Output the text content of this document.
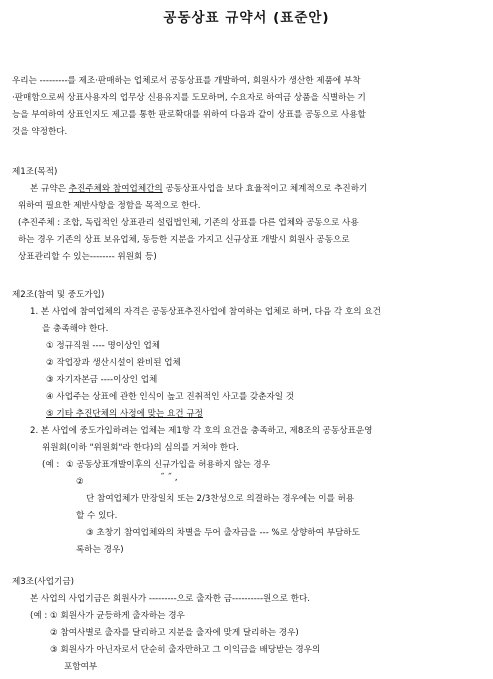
공동상표 규약서 (표준안)
우리는 ---------를 제조·판매하는 업체로서 공동상표를 개발하여, 회원사가 생산한 제품에 부착
·판매함으로써 상표사용자의 업무상 신용유지를 도모하며, 수요자로 하여금 상품을 식별하는 기
능을 부여하여 상표인지도 제고를 통한 판로확대를 위하여 다음과 같이 상표를 공동으로 사용할
것을 약정한다.
제1조(목적)
본 규약은 추진주체와 참여업체간의 공동상표사업을 보다 효율적이고 체계적으로 추진하기
위하여 필요한 제반사항을 정함을 목적으로 한다.
(추진주체 : 조합, 독립적인 상표관리 설립법인체, 기존의 상표를 다른 업체와 공동으로 사용
하는 경우 기존의 상표 보유업체, 동등한 지분을 가지고 신규상표 개발시 회원사 공동으로
상표관리할 수 있는-------- 위원회 등)
제2조(참여 및 중도가입)
1. 본 사업에 참여업체의 자격은 공동상표추진사업에 참여하는 업체로 하며, 다음 각 호의 요건
을 충족해야 한다.
① 정규직원 ---- 명이상인 업체
② 작업장과 생산시설이 완비된 업체
③ 자기자본금 ----이상인 업체
④ 사업주는 상표에 관한 인식이 높고 진취적인 사고를 갖춘자일 것
⑤ 기타 추진단체의 사정에 맞는 요건 규정
2. 본 사업에 중도가입하려는 업체는 제1항 각 호의 요건을 충족하고, 제8조의 공동상표운영
위원회(이하 "위원회"라 한다)의 심의를 거쳐야 한다.
(예 : ① 공동상표개발이후의 신규가입을 허용하지 않는 경우
②	˝ ˝ ,
단 참여업체가 만장일치 또는 2/3찬성으로 의결하는 경우에는 이를 허용
할 수 있다.
③ 초창기 참여업체와의 차별을 두어 출자금을 --- %로 상향하여 부담하도
록하는 경우)
제3조(사업기금)
본 사업의 사업기금은 회원사가 ---------으로 출자한 금----------원으로 한다.
(예 : ① 회원사가 균등하게 출자하는 경우
② 참여사별로 출자를 달리하고 지분을 출자에 맞게 달리하는 경우)
③ 회원사가 아닌자로서 단순히 출자만하고 그 이익금을 배당받는 경우의
포함여부
